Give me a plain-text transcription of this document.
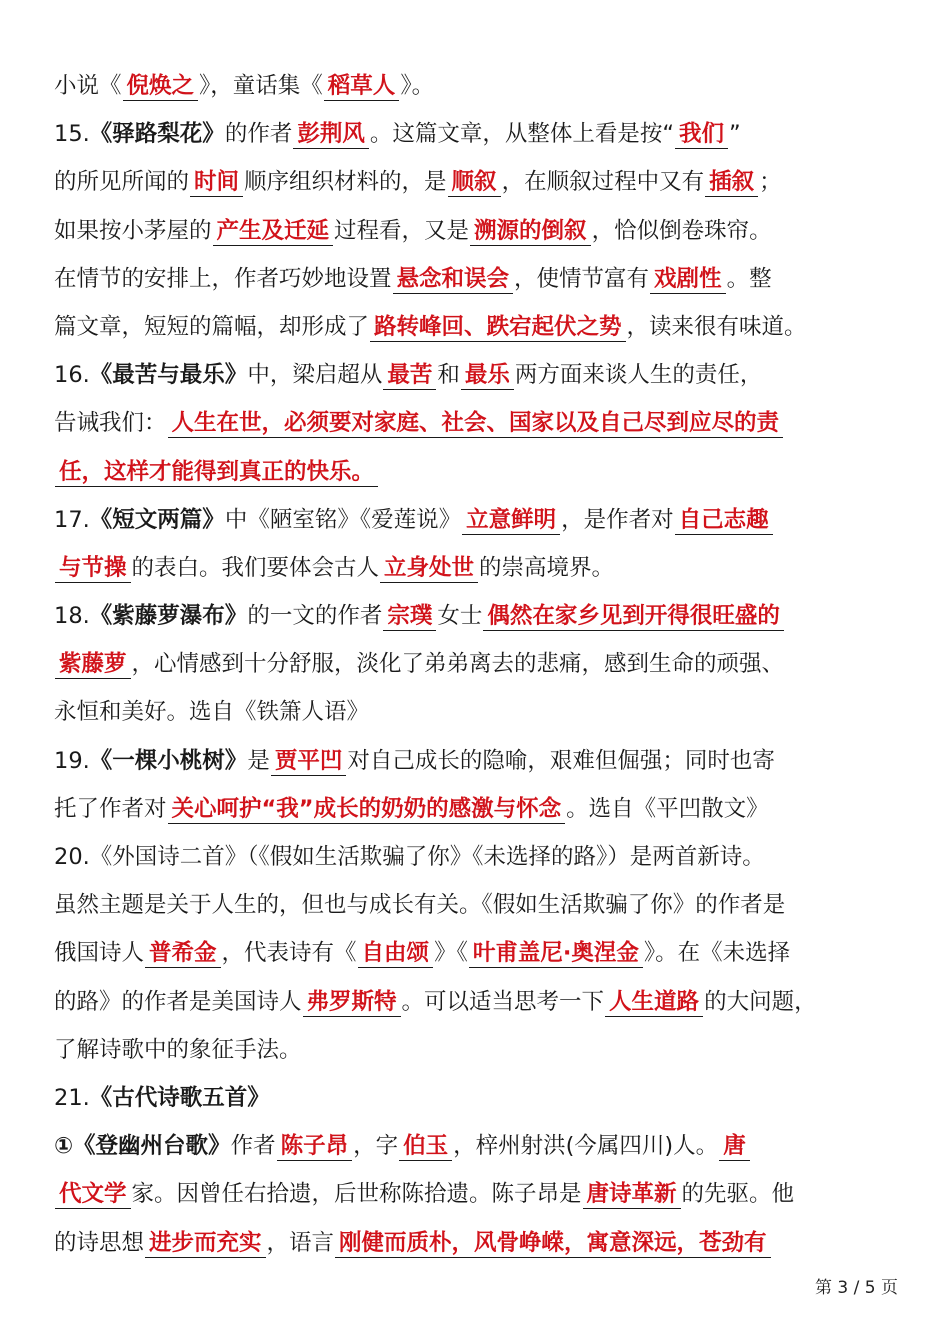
小说《 倪焕之 》，童话集《 稻草人 》。
15.《驿路梨花》的作者 彭荆风 。这篇文章，从整体上看是按“ 我们 ”
的所见所闻的 时间 顺序组织材料的，是 顺叙 ，在顺叙过程中又有 插叙 ；
如果按小茅屋的 产生及迁延 过程看，又是 溯源的倒叙 ，恰似倒卷珠帘。
在情节的安排上，作者巧妙地设置 悬念和误会 ，使情节富有 戏剧性 。整
篇文章，短短的篇幅，却形成了 路转峰回、跌宕起伏之势 ，读来很有味道。
16.《最苦与最乐》中，梁启超从 最苦 和 最乐 两方面来谈人生的责任，
告诫我们： 人生在世，必须要对家庭、社会、国家以及自己尽到应尽的责
任，这样才能得到真正的快乐。
17.《短文两篇》中《陋室铭》《爱莲说》 立意鲜明 ，是作者对 自己志趣
与节操 的表白。我们要体会古人 立身处世 的崇高境界。
18.《紫藤萝瀑布》的一文的作者 宗璞 女士 偶然在家乡见到开得很旺盛的
紫藤萝 ，心情感到十分舒服，淡化了弟弟离去的悲痛，感到生命的顽强、
永恒和美好。选自《铁箫人语》
19.《一棵小桃树》是 贾平凹 对自己成长的隐喻，艰难但倔强；同时也寄
托了作者对 关心呵护“我”成长的奶奶的感激与怀念 。选自《平凹散文》
20.《外国诗二首》（《假如生活欺骗了你》《未选择的路》）是两首新诗。
虽然主题是关于人生的，但也与成长有关。《假如生活欺骗了你》的作者是
俄国诗人 普希金 ，代表诗有《 自由颂 》《 叶甫盖尼·奥涅金 》。在《未选择
的路》的作者是美国诗人 弗罗斯特 。可以适当思考一下 人生道路 的大问题，
了解诗歌中的象征手法。
21.《古代诗歌五首》
①《登幽州台歌》作者 陈子昂 ，字 伯玉 ，梓州射洪(今属四川)人。 唐
代文学 家。因曾任右拾遗，后世称陈拾遗。陈子昂是 唐诗革新 的先驱。他
的诗思想 进步而充实 ，语言 刚健而质朴，风骨峥嵘，寓意深远，苍劲有
第 3 / 5 页
